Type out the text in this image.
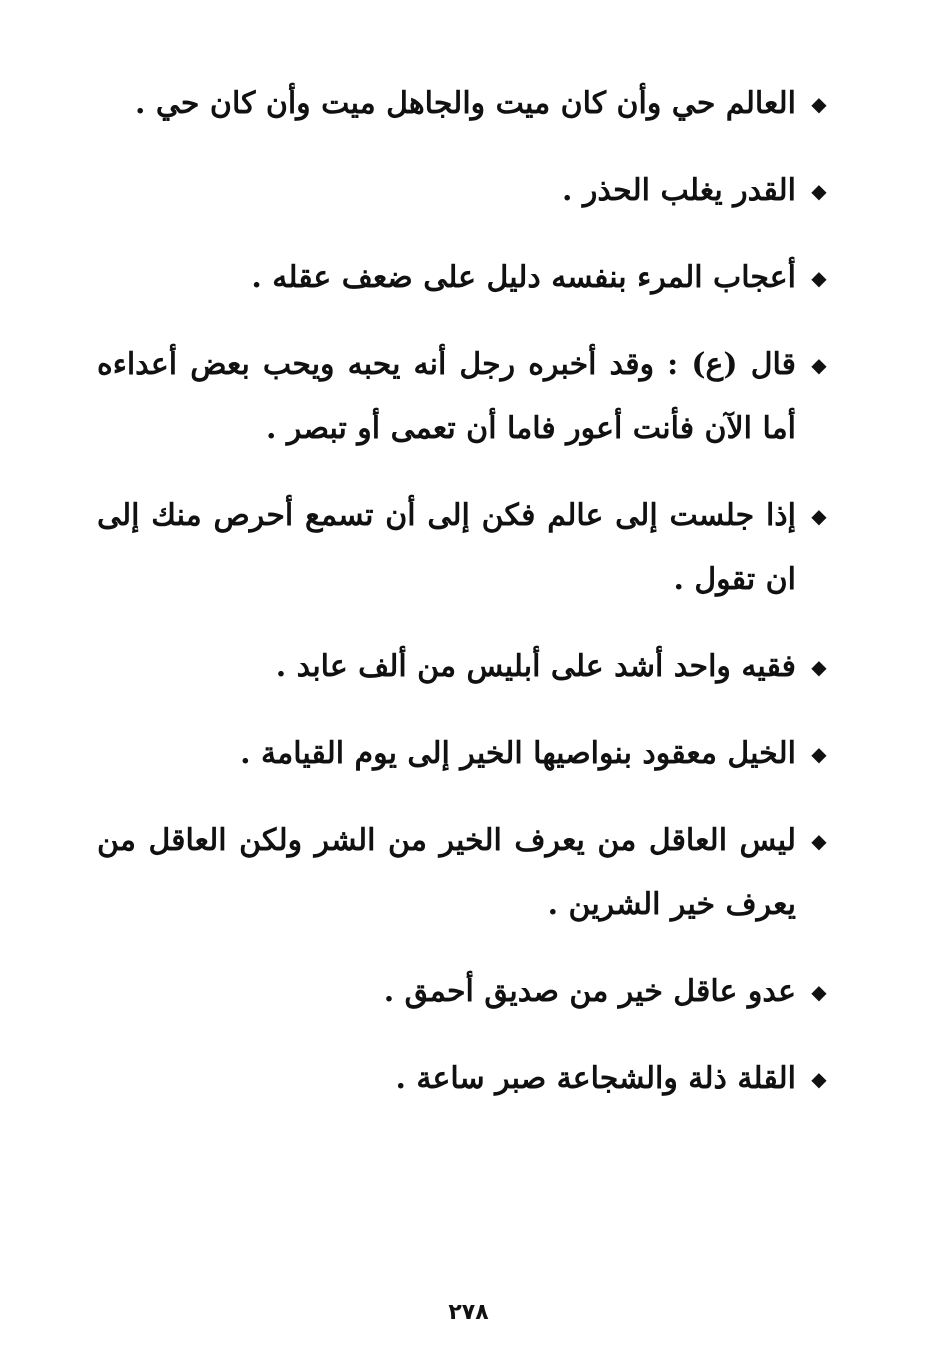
◆
العالم حي وأن كان ميت والجاهل ميت وأن كان حي .
◆
القدر يغلب الحذر .
◆
أعجاب المرء بنفسه دليل على ضعف عقله .
◆
قال (ع) : وقد أخبره رجل أنه يحبه ويحب بعض أعداءه أما الآن فأنت أعور فاما أن تعمى أو تبصر .
◆
إذا جلست إلى عالم فكن إلى أن تسمع أحرص منك إلى ان تقول .
◆
فقيه واحد أشد على أبليس من ألف عابد .
◆
الخيل معقود بنواصيها الخير إلى يوم القيامة .
◆
ليس العاقل من يعرف الخير من الشر ولكن العاقل من يعرف خير الشرين .
◆
عدو عاقل خير من صديق أحمق .
◆
القلة ذلة والشجاعة صبر ساعة .
٢٧٨
